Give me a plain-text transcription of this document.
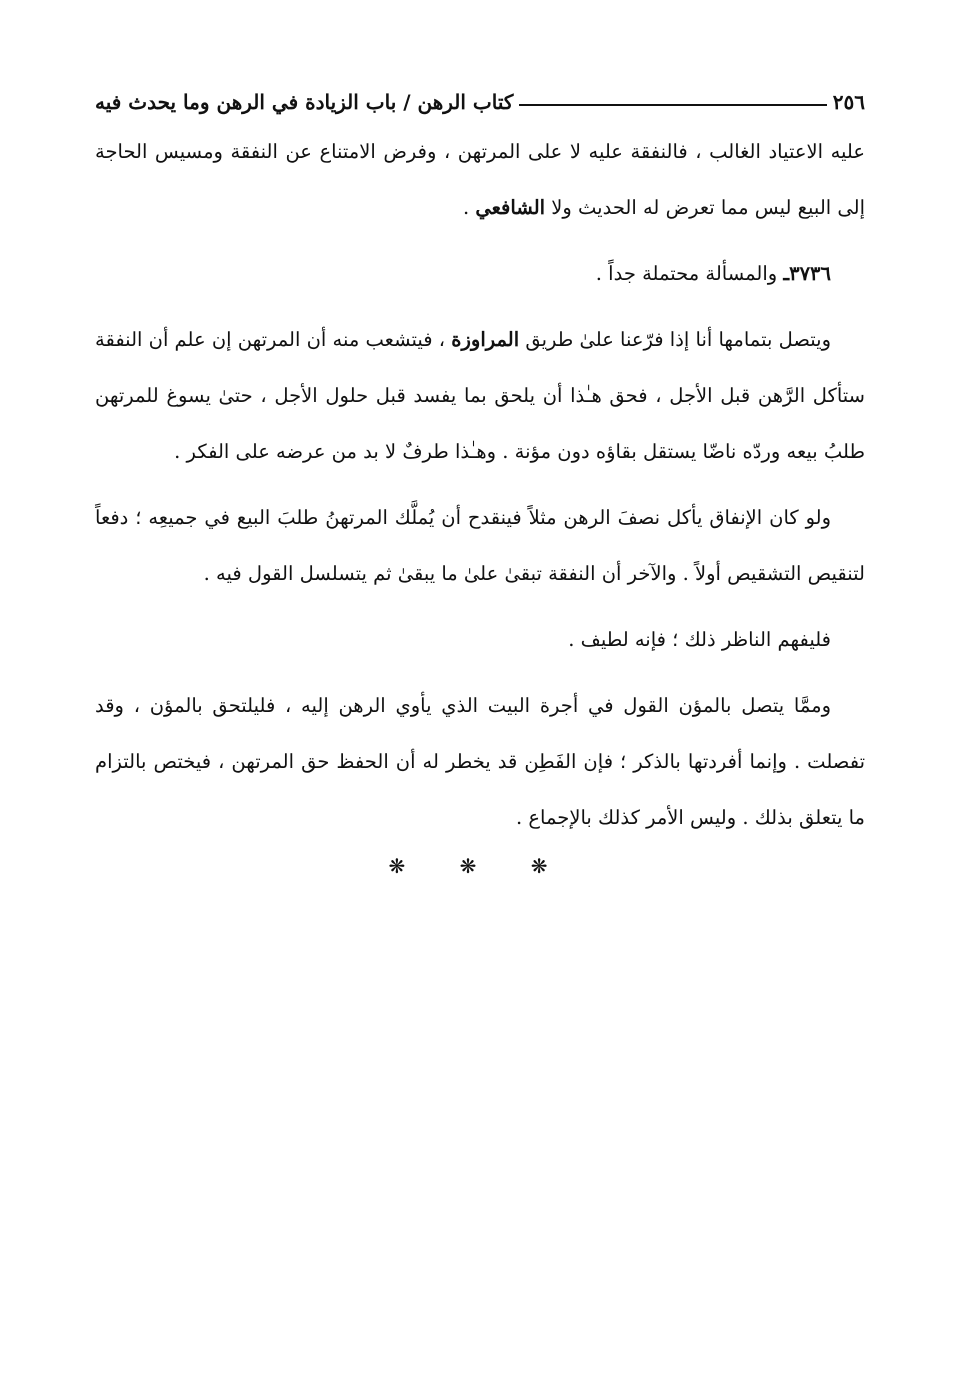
٢٥٦
كتاب الرهن / باب الزيادة في الرهن وما يحدث فيه

عليه الاعتياد الغالب ، فالنفقة عليه لا على المرتهن ، وفرض الامتناع عن النفقة ومسيس الحاجة إلى البيع ليس مما تعرض له الحديث ولا الشافعي .

٣٧٣٦ـ والمسألة محتملة جداً .

ويتصل بتمامها أنا إذا فرّعنا علىٰ طريق المراوزة ، فيتشعب منه أن المرتهن إن علم أن النفقة ستأكل الرَّهن قبل الأجل ، فحق هـٰذا أن يلحق بما يفسد قبل حلول الأجل ، حتىٰ يسوغ للمرتهن طلبُ بيعه وردّه ناضّا يستقل بقاؤه دون مؤنة . وهـٰذا طرفٌ لا بد من عرضه على الفكر .

ولو كان الإنفاق يأكل نصفَ الرهن مثلاً فينقدح أن يُملَّك المرتهنُ طلبَ البيع في جميعِه ؛ دفعاً لتنقيص التشقيص أولاً . والآخر أن النفقة تبقىٰ علىٰ ما يبقىٰ ثم يتسلسل القول فيه .

فليفهم الناظر ذلك ؛ فإنه لطيف .

وممَّا يتصل بالمؤن القول في أجرة البيت الذي يأوي الرهن إليه ، فليلتحق بالمؤن ، وقد تفصلت . وإنما أفردتها بالذكر ؛ فإن الفَطِن قد يخطر له أن الحفظ حق المرتهن ، فيختص بالتزام ما يتعلق بذلك . وليس الأمر كذلك بالإجماع .

❋ ❋ ❋
